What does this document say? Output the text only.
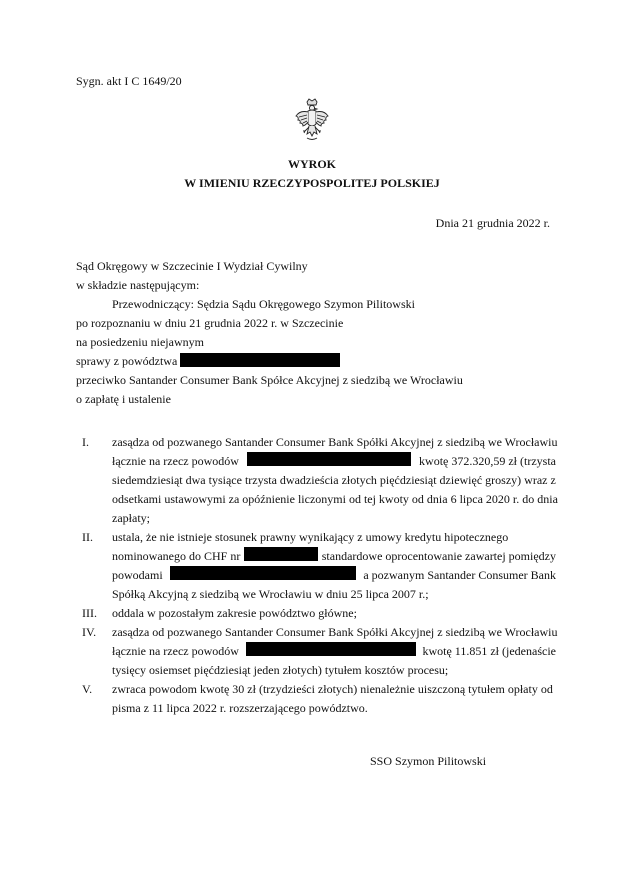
Sygn. akt I C 1649/20
WYROK
W IMIENIU RZECZYPOSPOLITEJ POLSKIEJ
Dnia 21 grudnia 2022 r.
Sąd Okręgowy w Szczecinie I Wydział Cywilny
w składzie następującym:
Przewodniczący: Sędzia Sądu Okręgowego Szymon Pilitowski
po rozpoznaniu w dniu 21 grudnia 2022 r. w Szczecinie
na posiedzeniu niejawnym
sprawy z powództwa
przeciwko Santander Consumer Bank Spółce Akcyjnej z siedzibą we Wrocławiu
o zapłatę i ustalenie
I.	zasądza od pozwanego Santander Consumer Bank Spółki Akcyjnej z siedzibą we Wrocławiu
łącznie na rzecz powodów	kwotę 372.320,59 zł (trzysta
siedemdziesiąt dwa tysiące trzysta dwadzieścia złotych pięćdziesiąt dziewięć groszy) wraz z
odsetkami ustawowymi za opóźnienie liczonymi od tej kwoty od dnia 6 lipca 2020 r. do dnia
zapłaty;
II.	ustala, że nie istnieje stosunek prawny wynikający z umowy kredytu hipotecznego
nominowanego do CHF nr	standardowe oprocentowanie zawartej pomiędzy
powodami	a pozwanym Santander Consumer Bank
Spółką Akcyjną z siedzibą we Wrocławiu w dniu 25 lipca 2007 r.;
III.	oddala w pozostałym zakresie powództwo główne;
IV.	zasądza od pozwanego Santander Consumer Bank Spółki Akcyjnej z siedzibą we Wrocławiu
łącznie na rzecz powodów	kwotę 11.851 zł (jedenaście
tysięcy osiemset pięćdziesiąt jeden złotych) tytułem kosztów procesu;
V.	zwraca powodom kwotę 30 zł (trzydzieści złotych) nienależnie uiszczoną tytułem opłaty od
pisma z 11 lipca 2022 r. rozszerzającego powództwo.
SSO Szymon Pilitowski
